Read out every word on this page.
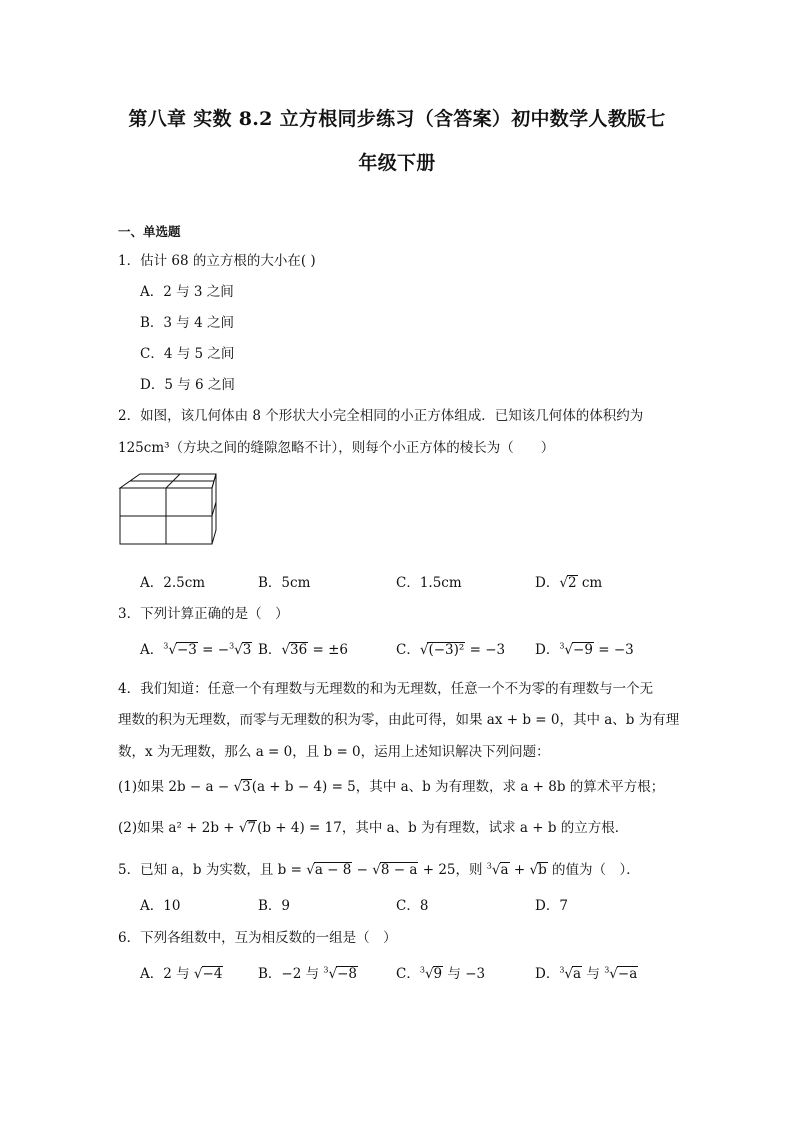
第八章 实数 8.2 立方根同步练习（含答案）初中数学人教版七
年级下册
一、单选题
1．估计 68 的立方根的大小在( )
A．2 与 3 之间
B．3 与 4 之间
C．4 与 5 之间
D．5 与 6 之间
2．如图，该几何体由 8 个形状大小完全相同的小正方体组成．已知该几何体的体积约为
125cm³（方块之间的缝隙忽略不计），则每个小正方体的棱长为（　　）
A．2.5cm	B．5cm	C．1.5cm	D．√2 cm
3．下列计算正确的是（　）
A．$^3$√−3 = −$^3$√3 B．√36 = ±6	C．√(−3)² = −3 D．$^3$√−9 = −3
4．我们知道：任意一个有理数与无理数的和为无理数，任意一个不为零的有理数与一个无
理数的积为无理数，而零与无理数的积为零，由此可得，如果 ax + b = 0，其中 a、b 为有理
数，x 为无理数，那么 a = 0，且 b = 0，运用上述知识解决下列问题：
(1)如果 2b − a − √3(a + b − 4) = 5，其中 a、b 为有理数，求 a + 8b 的算术平方根；
(2)如果 a² + 2b + √7(b + 4) = 17，其中 a、b 为有理数，试求 a + b 的立方根．
5．已知 a，b 为实数，且 b = √a − 8 − √8 − a + 25，则 $^3$√a + √b 的值为（　）．
A．10	B．9	C．8	D．7
6．下列各组数中，互为相反数的一组是（　）
A．2 与 √−4	B．−2 与 $^3$√−8	C．$^3$√9 与 −3	D．$^3$√a 与 $^3$√−a
